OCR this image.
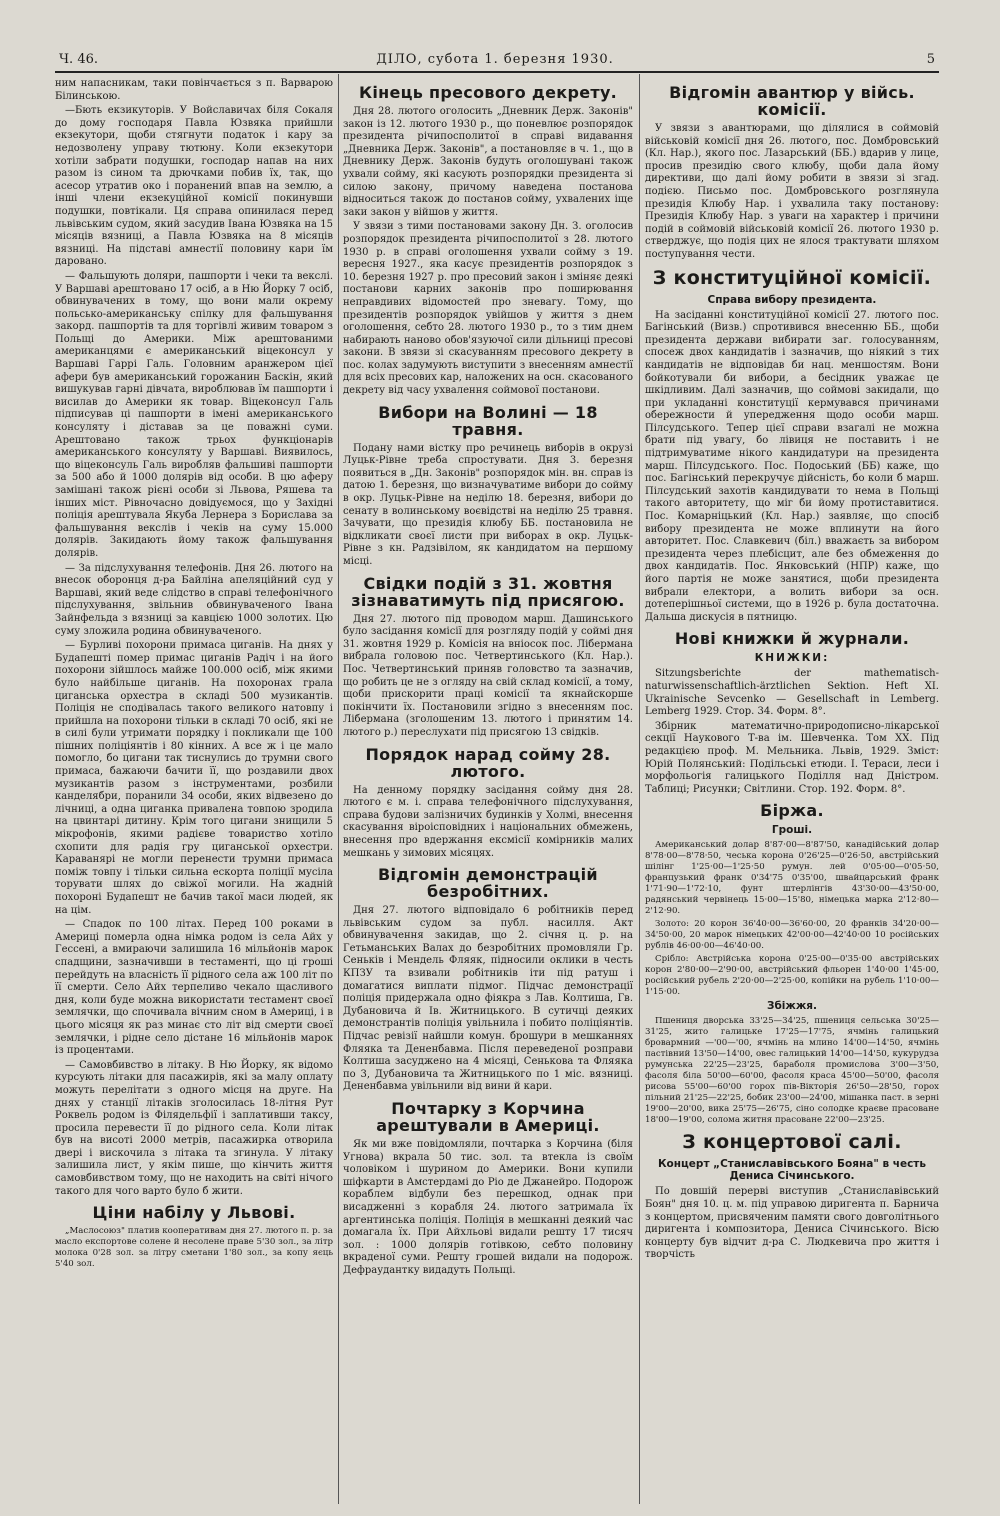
Ч. 46.	ДІЛО, субота 1. березня 1930.	5

ним напасникам, таки повінчається з п. Варварою Білинською.

—Бють екзикуторів. У Войславичах біля Сокаля до дому господаря Павла Юзвяка прийшли екзекутори, щоби стягнути податок і кару за недозволену управу тютюну. Коли екзекутори хотіли забрати подушки, господар напав на них разом із сином та дрючками побив їх, так, що асесор утратив око і поранений впав на землю, а інші члени екзекуційної комісії покинувши подушки, повтікали. Ця справа опинилася перед львівським судом, який засудив Івана Юзвяка на 15 місяців вязниці, а Павла Юзвяка на 8 місяців вязниці. На підставі амнестії половину кари їм дарованo.

— Фальшують доляри, пашпорти і чеки та векслі. У Варшаві арештовано 17 осіб, а в Ню Йорку 7 осіб, обвинувачених в тому, що вони мали окрему польсько-американську спілку для фальшування закорд. пашпортів та для торгівлі живим товаром з Польщі до Америки. Між арештованими американцями є американський віцеконсул у Варшаві Гаррі Галь. Головним аранжером цієї афери був американський горожанин Баскін, який вишукував гарні дівчата, вироблював їм пашпорти і висилав до Америки як товар. Віцеконсул Галь підписував ці пашпорти в імені американського консуляту і діставав за це поважні суми. Арештовано також трьох функціонарів американського консуляту у Варшаві. Виявилось, що віцеконсуль Галь виробляв фальшиві пашпорти за 500 або й 1000 долярів від особи. В цю аферу замішані також рієні особи зі Львова, Ряшева та інших міст. Рівночасно довідуємося, що у Західні поліція арештувала Якуба Лернера з Борислава за фальшування векслів і чеків на суму 15.000 долярів. Закидають йому також фальшування долярів.

— За підслухування телефонів. Дня 26. лютого на внесок оборонця д-ра Байліна апеляційний суд у Варшаві, який веде слідство в справі телефонічного підслухування, звільнив обвинуваченого Івана Зайнфельда з вязниці за кавцією 1000 золотих. Цю суму зложила родина обвинуваченого.

— Бурливі похорони примаса циганів. На днях у Будапешті помер примас циганів Радіч і на його похорони зійшлось майже 100.000 осіб, між якими було найбільше циганів. На похоронах грала циганська орхестра в складі 500 музикантів. Поліція не сподівалась такого великого натовпу і прийшла на похорони тільки в складі 70 осіб, які не в силі були утримати порядку і покликали ще 100 пішних поліціянтів і 80 кінних. А все ж і це мало помогло, бо цигани так тиснулись до трумни свого примаса, бажаючи бачити її, що роздавили двох музикантів разом з інструментами, розбили канделябри, поранили 34 особи, яких відвезено до лічниці, а одна циганка привалена товпою зродила на цвинтарі дитину. Крім того цигани знищили 5 мікрофонів, якими радієве товариство хотіло схопити для радія гру циганської орхестри. Караванярі не могли перенести трумни примаса поміж товпу і тільки сильна ескорта поліції мусіла торувати шлях до свіжої могили. На жадній похороні Будапешт не бачив такої маси людей, як на цім.

— Спадок по 100 літах. Перед 100 роками в Америці померла одна німка родом із села Айх у Гессені, а вмираючи залишила 16 мільйонів марок спадщини, зазначивши в тестаменті, що ці гроші перейдуть на власність її рідного села аж 100 літ по її смерти. Село Айх терпеливо чекало щасливого дня, коли буде можна використати тестамент своєї землячки, що спочивала вічним сном в Америці, і в цього місяця як раз минає сто літ від смерти своєї землячки, і рідне село дістане 16 мільйонів марок із процентами.

— Самовбивство в літаку. В Ню Йорку, як відомо курсують літаки для пасажирів, які за малу оплату можуть перелітати з одного місця на друге. На днях у станції літаків зголосилась 18-літня Рут Роквель родом із Філядельфії і заплативши таксу, просила перевести її до рідного села. Коли літак був на висоті 2000 метрів, пасажирка отворила двері і вискочила з літака та згинула. У літаку залишила лист, у якім пише, що кінчить життя самовбивством тому, що не находить на світі нічого такого для чого варто було б жити.

Ціни набілу у Львові.

„Маслосоюз" платив кооперативам дня 27. лютого п. р. за масло експортове солене й несолене праве 5'30 зол., за літр молока 0'28 зол. за літру сметани 1'80 зол., за копу яєць 5'40 зол.

Кінець пресового декрету.

Дня 28. лютого оголосить „Дневник Держ. Законів" закон із 12. лютого 1930 р., що поневлює розпорядок президента річипосполитої в справі видавання „Дневника Держ. Законів", а постановляє в ч. 1., що в Дневнику Держ. Законів будуть оголошувані також ухвали сойму, які касують розпорядки президента зі силою закону, причому наведена постанова відноситься також до постанов сойму, ухвалених іще заки закон у війшов у життя.

У звязи з тими постановами закону Дн. З. оголосив розпорядок президента річипосполитої з 28. лютого 1930 р. в справі оголошення ухвали сойму з 19. вересня 1927., яка касує президентів розпорядок з 10. березня 1927 р. про пресовий закон і зміняє деякі постанови карних законів про поширювання неправдивих відомостей про зневагу. Тому, що президентів розпорядок увійшов у життя з днем оголошення, себто 28. лютого 1930 р., то з тим днем набирають наново обов'язуючої сили дільниці пресові закони. В звязи зі скасуванням пресового декрету в пос. колах задумують виступити з внесенням амнестії для всіх пресових кар, наложених на осн. скасованого декрету від часу ухвалення соймової постанови.

Вибори на Волині — 18 травня.

Подану нами вістку про речинець виборів в окрузі Луцьк-Рівне треба спростувати. Дня 3. березня появиться в „Дн. Законів" розпорядок мін. вн. справ із датою 1. березня, що визначуватиме вибори до сойму в окр. Луцьк-Рівне на неділю 18. березня, вибори до сенату в волинському воєвідстві на неділю 25 травня. Зачувати, що президія клюбу ББ. постановила не відкликати своєї листи при виборах в окр. Луцьк-Рівне з кн. Радзівілом, як кандидатом на першому місці.

Свідки подій з 31. жовтня зізнаватимуть під присягою.

Дня 27. лютого під проводом марш. Дашинського було засідання комісії для розгляду подій у соймі дня 31. жовтня 1929 р. Комісія на вніосок пос. Лібермана вибрала головою пос. Четвертинського (Кл. Нар.). Пос. Четвертинський приняв головство та зазначив, що робить це не з огляду на свій склад комісії, а тому, щоби прискорити праці комісії та якнайскорше покінчити їх. Постановили згідно з внесенням пос. Лібермана (зголошеним 13. лютого і принятим 14. лютого р.) переслухати під присягою 13 свідків.

Порядок нарад сойму 28. лютого.

На денному порядку засідання сойму дня 28. лютого є м. і. справа телефонічного підслухування, справа будови залізничих будинків у Холмі, внесення скасування віроісповідних і національних обмежень, внесення про вдержання ексмісії комірників малих мешкань у зимових місяцях.

Відгомін демонстрацій безробітних.

Дня 27. лютого відповідало 6 робітників перед львівським судом за публ. насилля. Акт обвинувачення закидав, що 2. січня ц. р. на Гетьманських Валах до безробітних промовляли Гр. Сеньків і Мендель Фляяк, підносили оклики в честь КПЗУ та взивали робітників іти під ратуш і домагатися виплати підмог. Підчас демонстрації поліція придержала одно фіякра з Лав. Колтиша, Гв. Дубановича й Ів. Житницького. В сутичці деяких демонстрантів поліція увільнила і побито поліціянтів. Підчас ревізії найшли комун. брошури в мешканнях Фляяка та Дененбавма. Після переведеної розправи Колтиша засуджено на 4 місяці, Сенькова та Фляяка по 3, Дубановича та Житницького по 1 міс. вязниці. Дененбавма увільнили від вини й кари.

Почтарку з Корчина арештували в Америці.

Як ми вже повідомляли, почтарка з Корчина (біля Угнова) вкрала 50 тис. зол. та втекла із своїм чоловіком і шурином до Америки. Вони купили шіфкарти в Амстердамі до Ріо де Джанейро. Подорож кораблем відбули без перешкод, однак при висадженні з корабля 24. лютого затримала їх аргентинська поліція. Поліція в мешканні деякий час домагала їх. При Айхльові видали решту 17 тисяч зол. : 1000 долярів готівкою, себто половину вкраденої суми. Решту грошей видали на подорож. Дефраудантку видадуть Польщі.

Відгомін авантюр у війсь. комісії.

У звязи з авантюрами, що ділялися в соймовій військовій комісії дня 26. лютого, пос. Домбровський (Кл. Нар.), якого пос. Лазарський (ББ.) вдарив у лице, просив президію свого клюбу, щоби дала йому директиви, що далі йому робити в звязи зі згад. подією. Письмо пос. Домбровського розглянула президія Клюбу Нар. і ухвалила таку постанову: Президія Клюбу Нар. з уваги на характер і причини подій в соймовій військовій комісії 26. лютого 1930 р. стверджує, що подія цих не ялося трактувати шляхом поступування чести.

З конституційної комісії.
Справа вибору президента.

На засіданні конституційної комісії 27. лютого пос. Багінський (Визв.) спротивився внесенню ББ., щоби президента держави вибирати заг. голосуванням, спосеж двох кандидатів і зазначив, що ніякий з тих кандидатів не відповідав би нац. меншостям. Вони бойкотували би вибори, а бесідник уважає це шкідливим. Далі зазначив, що соймові закидали, що при укладанні конституції кермувався причинами обережности й упередження щодо особи марш. Пілсудського. Тепер цієї справи взагалі не можна брати під увагу, бо лівиця не поставить і не підтримуватиме нікого кандидатури на президента марш. Пілсудського. Пос. Подоський (ББ) каже, що пос. Багінський перекручує дійсність, бо коли б марш. Пілсудський захотів кандидувати то нема в Польщі такого авторитету, що міг би йому протиставитися. Пос. Комарніцький (Кл. Нар.) заявляє, що спосіб вибору президента не може вплинути на його авторитет. Пос. Славкевич (біл.) вважаєть за вибором президента через плебісцит, але без обмеження до двох кандидатів. Пос. Янковський (НПР) каже, що його партія не може занятися, щоби президента вибрали електори, а волить вибори за осн. дотеперішньої системи, що в 1926 р. була достаточна. Дальша дискусія в пятницю.

Нові книжки й журнали.
КНИЖКИ:

Sitzungsberichte der mathematisch-naturwissenschaftlich-ärztlichen Sektion. Heft XI. Ukrainische Sevcenko — Gesellschaft in Lemberg. Lemberg 1929. Стор. 34. Форм. 8°.

Збірник математично-природописно-лікарської секції Наукового Т-ва ім. Шевченка. Том XX. Під редакцією проф. М. Мельника. Львів, 1929. Зміст: Юрій Полянський: Подільські етюди. І. Тераси, леси і морфольогія галицького Поділля над Дністром. Таблиці; Рисунки; Світлини. Стор. 192. Форм. 8°.

Біржа.
Гроші.

Американський долар 8'87·00—8'87'50, канадійський долар 8'78·00—8'78·50, чеська корона 0'26'25—0'26·50, австрійський шілінг 1'25·00—1'25·50 румун. лей 0'05·00—0'05·50, французький франк 0'34'75 0'35'00, швайцарський франк 1'71·90—1'72·10, фунт штерлінгів 43'30·00—43'50·00, радянський червінець 15·00—15'80, німецька марка 2'12·80—2'12·90.

Золото: 20 корон 36'40·00—36'60·00, 20 франків 34'20·00—34'50·00, 20 марок німецьких 42'00·00—42'40·00 10 російських рублів 46·00·00—46'40·00.

Срібло: Австрійська корона 0'25·00—0'35·00 австрійських корон 2'80·00—2'90·00, австрійський фльорен 1'40·00 1'45·00, російський рубель 2'20·00—2'25·00, копійки на рубель 1'10·00—1'15·00.

Збіжжя.

Пшениця дворська 33'25—34'25, пшениця сельська 30'25—31'25, жито галицьке 17'25—17'75, ячмінь галицький бровармний —'00—'00, ячмінь на млино 14'00—14'50, ячмінь пастівний 13'50—14'00, овес галицький 14'00—14'50, кукурудза румунська 22'25—23'25, бараболя промислова 3'00—3'50, фасоля біла 50'00—60'00, фасоля краса 45'00—50'00, фасоля рисова 55'00—60'00 горох пів-Вікторія 26'50—28'50, горох пільний 21'25—22'25, бобик 23'00—24'00, мішанка паст. в зерні 19'00—20'00, вика 25'75—26'75, сіно солодке краєве прасоване 18'00—19'00, солома житня прасоване 22'00—23'25.

З концертової салі.
Концерт „Станиславівського Бояна" в честь Дениса Січинського.

По довшій перерві виступив „Станиславівський Боян" дня 10. ц. м. під управою диригента п. Барнича з концертом, присвяченим памяти свого довголітнього диригента і композитора, Дениса Січинського. Вісю концерту був відчит д-ра С. Людкевича про життя і творчість
